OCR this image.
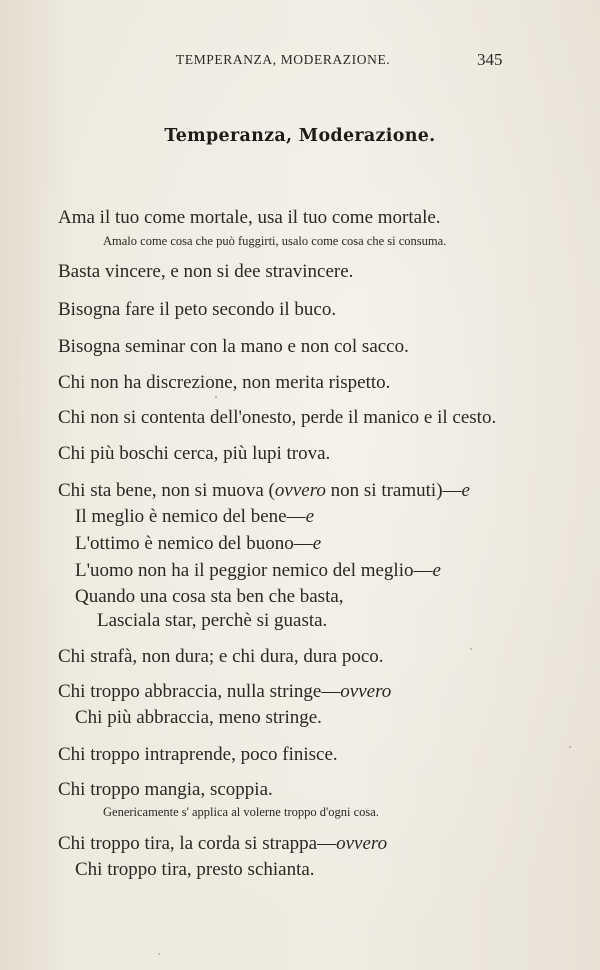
TEMPERANZA, MODERAZIONE.	345
Temperanza, Moderazione.
Ama il tuo come mortale, usa il tuo come mortale.
Amalo come cosa che può fuggirti, usalo come cosa che si consuma.
Basta vincere, e non si dee stravincere.
Bisogna fare il peto secondo il buco.
Bisogna seminar con la mano e non col sacco.
Chi non ha discrezione, non merita rispetto.
Chi non si contenta dell'onesto, perde il manico e il cesto.
Chi più boschi cerca, più lupi trova.
Chi sta bene, non si muova (ovvero non si tramuti)—e
Il meglio è nemico del bene—e
L'ottimo è nemico del buono—e
L'uomo non ha il peggior nemico del meglio—e
Quando una cosa sta ben che basta,
Lasciala star, perchè si guasta.
Chi strafà, non dura; e chi dura, dura poco.
Chi troppo abbraccia, nulla stringe—ovvero
Chi più abbraccia, meno stringe.
Chi troppo intraprende, poco finisce.
Chi troppo mangia, scoppia.
Genericamente s' applica al volerne troppo d'ogni cosa.
Chi troppo tira, la corda si strappa—ovvero
Chi troppo tira, presto schianta.
